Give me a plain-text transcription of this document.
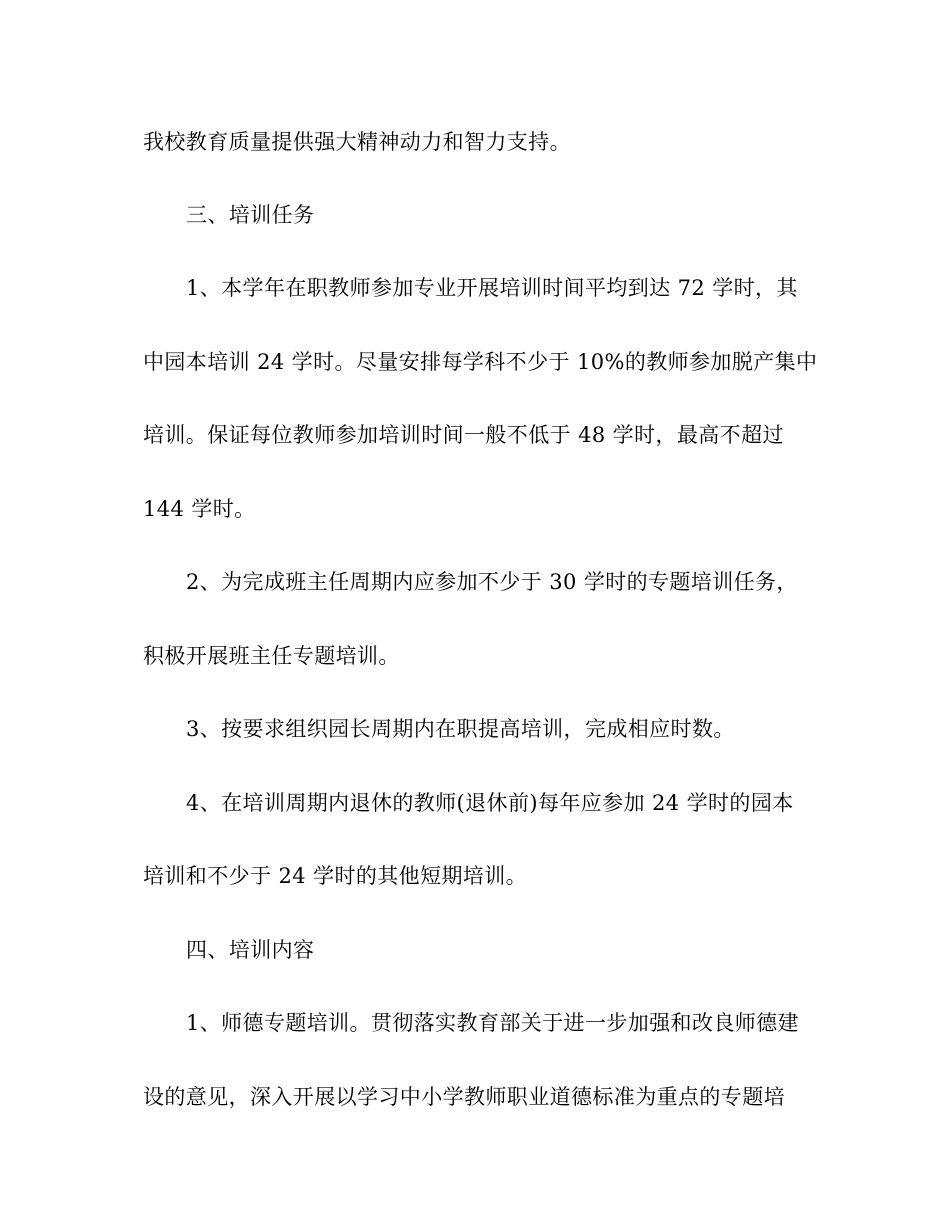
我校教育质量提供强大精神动力和智力支持。
三、培训任务
1、本学年在职教师参加专业开展培训时间平均到达 72 学时，其
中园本培训 24 学时。尽量安排每学科不少于 10%的教师参加脱产集中
培训。保证每位教师参加培训时间一般不低于 48 学时，最高不超过
144 学时。
2、为完成班主任周期内应参加不少于 30 学时的专题培训任务，
积极开展班主任专题培训。
3、按要求组织园长周期内在职提高培训，完成相应时数。
4、在培训周期内退休的教师(退休前)每年应参加 24 学时的园本
培训和不少于 24 学时的其他短期培训。
四、培训内容
1、师德专题培训。贯彻落实教育部关于进一步加强和改良师德建
设的意见，深入开展以学习中小学教师职业道德标准为重点的专题培
